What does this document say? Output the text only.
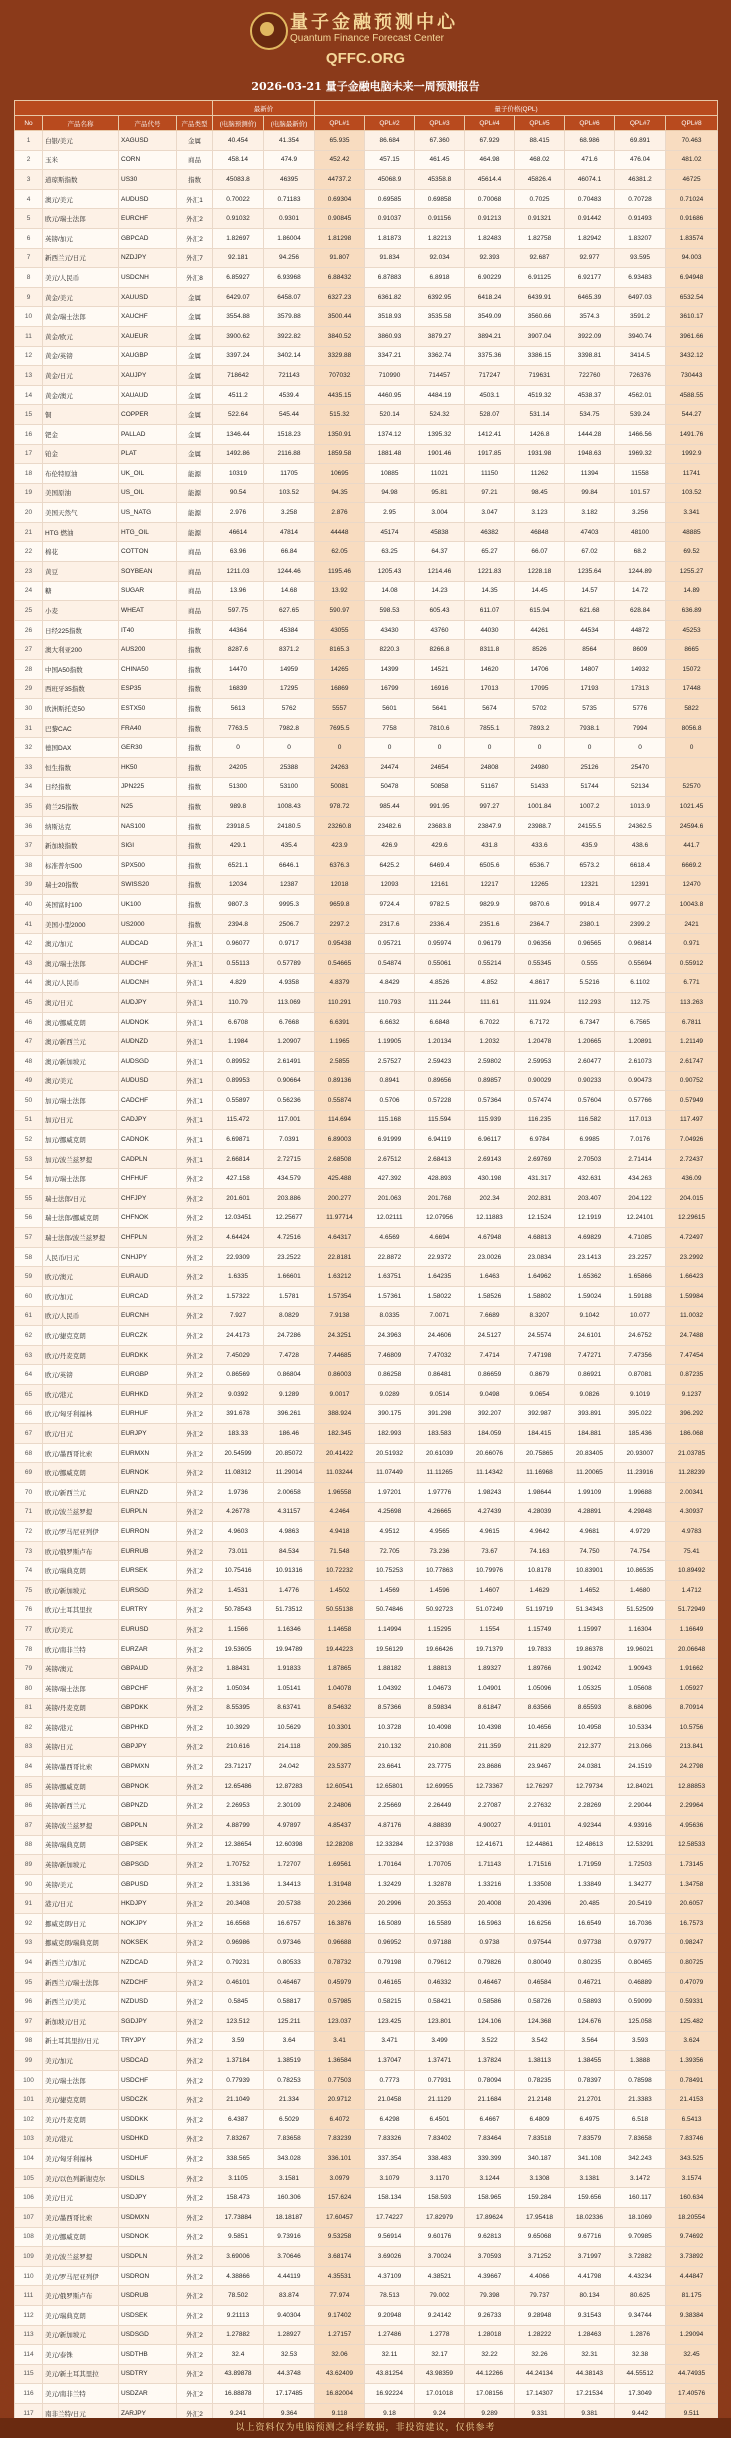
量子金融预测中心
Quantum Finance Forecast Center
QFFC.ORG
2026-03-21 量子金融电脑未来一周预测报告
				最新价		量子价格(QPL)							
No	产品名称	产品代号	产品类型	(电脑预测价)	(电脑最新价)	QPL#1	QPL#2	QPL#3	QPL#4	QPL#5	QPL#6	QPL#7	QPL#8
1	白银/美元	XAGUSD	金属	40.454	41.354	65.935	86.684	67.360	67.929	88.415	68.986	69.891	70.463
2	玉米	CORN	商品	458.14	474.9	452.42	457.15	461.45	464.98	468.02	471.6	476.04	481.02
3	道琼斯指数	US30	指数	45083.8	46395	44737.2	45068.9	45358.8	45614.4	45826.4	46074.1	46381.2	46725
4	澳元/美元	AUDUSD	外汇1	0.70022	0.71183	0.69304	0.69585	0.69858	0.70068	0.7025	0.70483	0.70728	0.71024
5	欧元/瑞士法郎	EURCHF	外汇2	0.91032	0.9301	0.90845	0.91037	0.91156	0.91213	0.91321	0.91442	0.91493	0.91686
6	英镑/加元	GBPCAD	外汇2	1.82697	1.86004	1.81298	1.81873	1.82213	1.82483	1.82758	1.82942	1.83207	1.83574
7	新西兰元/日元	NZDJPY	外汇7	92.181	94.256	91.807	91.834	92.034	92.393	92.687	92.977	93.595	94.003
8	美元/人民币	USDCNH	外汇8	6.85927	6.93968	6.88432	6.87883	6.8918	6.90229	6.91125	6.92177	6.93483	6.94948
9	黄金/美元	XAUUSD	金属	6429.07	6458.07	6327.23	6361.82	6392.95	6418.24	6439.91	6465.39	6497.03	6532.54
10	黄金/瑞士法郎	XAUCHF	金属	3554.88	3579.88	3500.44	3518.93	3535.58	3549.09	3560.66	3574.3	3591.2	3610.17
11	黄金/欧元	XAUEUR	金属	3900.62	3922.82	3840.52	3860.93	3879.27	3894.21	3907.04	3922.09	3940.74	3961.66
12	黄金/英镑	XAUGBP	金属	3397.24	3402.14	3329.88	3347.21	3362.74	3375.36	3386.15	3398.81	3414.5	3432.12
13	黄金/日元	XAUJPY	金属	718642	721143	707032	710990	714457	717247	719631	722760	726376	730443
14	黄金/澳元	XAUAUD	金属	4511.2	4539.4	4435.15	4460.95	4484.19	4503.1	4519.32	4538.37	4562.01	4588.55
15	铜	COPPER	金属	522.64	545.44	515.32	520.14	524.32	528.07	531.14	534.75	539.24	544.27
16	钯金	PALLAD	金属	1346.44	1518.23	1350.91	1374.12	1395.32	1412.41	1426.8	1444.28	1466.56	1491.76
17	铂金	PLAT	金属	1492.86	2116.88	1859.58	1881.48	1901.46	1917.85	1931.98	1948.63	1969.32	1992.9
18	布伦特原油	UK_OIL	能源	10319	11705	10695	10885	11021	11150	11262	11394	11558	11741
19	美国原油	US_OIL	能源	90.54	103.52	94.35	94.98	95.81	97.21	98.45	99.84	101.57	103.52
20	美国天然气	US_NATG	能源	2.976	3.258	2.876	2.95	3.004	3.047	3.123	3.182	3.256	3.341
21	HTG 燃油	HTG_OIL	能源	46614	47814	44448	45174	45838	46382	46848	47403	48100	48885
22	棉花	COTTON	商品	63.96	66.84	62.05	63.25	64.37	65.27	66.07	67.02	68.2	69.52
23	黄豆	SOYBEAN	商品	1211.03	1244.46	1195.46	1205.43	1214.46	1221.83	1228.18	1235.64	1244.89	1255.27
24	糖	SUGAR	商品	13.96	14.68	13.92	14.08	14.23	14.35	14.45	14.57	14.72	14.89
25	小麦	WHEAT	商品	597.75	627.65	590.97	598.53	605.43	611.07	615.94	621.68	628.84	636.89
26	日经225指数	IT40	指数	44364	45384	43055	43430	43760	44030	44261	44534	44872	45253
27	澳大利亚200	AUS200	指数	8287.6	8371.2	8165.3	8220.3	8266.8	8311.8	8526	8564	8609	8665
28	中国A50指数	CHINA50	指数	14470	14959	14265	14399	14521	14620	14706	14807	14932	15072
29	西班牙35指数	ESP35	指数	16839	17295	16869	16799	16916	17013	17095	17193	17313	17448
30	欧洲斯托克50	ESTX50	指数	5613	5762	5557	5601	5641	5674	5702	5735	5776	5822
31	巴黎CAC	FRA40	指数	7763.5	7982.8	7695.5	7758	7810.6	7855.1	7893.2	7938.1	7994	8056.8
32	德国DAX	GER30	指数	0	0	0	0	0	0	0	0	0	0
33	恒生指数	HK50	指数	24205	25388	24263	24474	24654	24808	24980	25126	25470	
34	日经指数	JPN225	指数	51300	53100	50081	50478	50858	51167	51433	51744	52134	52570
35	荷兰25指数	N25	指数	989.8	1008.43	978.72	985.44	991.95	997.27	1001.84	1007.2	1013.9	1021.45
36	纳斯达克	NAS100	指数	23918.5	24180.5	23260.8	23482.6	23683.8	23847.9	23988.7	24155.5	24362.5	24594.6
37	新加坡指数	SIGI	指数	429.1	435.4	423.9	426.9	429.6	431.8	433.6	435.9	438.6	441.7
38	标准普尔500	SPX500	指数	6521.1	6646.1	6376.3	6425.2	6469.4	6505.6	6536.7	6573.2	6618.4	6669.2
39	瑞士20指数	SWISS20	指数	12034	12387	12018	12093	12161	12217	12265	12321	12391	12470
40	英国富时100	UK100	指数	9807.3	9995.3	9659.8	9724.4	9782.5	9829.9	9870.6	9918.4	9977.2	10043.8
41	美国小型2000	US2000	指数	2394.8	2506.7	2297.2	2317.6	2336.4	2351.6	2364.7	2380.1	2399.2	2421
42	澳元/加元	AUDCAD	外汇1	0.96077	0.9717	0.95438	0.95721	0.95974	0.96179	0.96356	0.96565	0.96814	0.971
43	澳元/瑞士法郎	AUDCHF	外汇1	0.55113	0.57789	0.54665	0.54874	0.55061	0.55214	0.55345	0.555	0.55694	0.55912
44	澳元/人民币	AUDCNH	外汇1	4.829	4.9358	4.8379	4.8429	4.8526	4.852	4.8617	5.5216	6.1102	6.771
45	澳元/日元	AUDJPY	外汇1	110.79	113.069	110.291	110.793	111.244	111.61	111.924	112.293	112.75	113.263
46	澳元/挪威克朗	AUDNOK	外汇1	6.6708	6.7668	6.6391	6.6632	6.6848	6.7022	6.7172	6.7347	6.7565	6.7811
47	澳元/新西兰元	AUDNZD	外汇1	1.1984	1.20907	1.1965	1.19905	1.20134	1.2032	1.20478	1.20665	1.20891	1.21149
48	澳元/新加坡元	AUDSGD	外汇1	0.89952	2.61491	2.5855	2.57527	2.59423	2.59802	2.59953	2.60477	2.61073	2.61747
49	澳元/美元	AUDUSD	外汇1	0.89953	0.90664	0.89136	0.8941	0.89656	0.89857	0.90029	0.90233	0.90473	0.90752
50	加元/瑞士法郎	CADCHF	外汇1	0.55897	0.56236	0.55874	0.5706	0.57228	0.57364	0.57474	0.57604	0.57766	0.57949
51	加元/日元	CADJPY	外汇1	115.472	117.001	114.694	115.168	115.594	115.939	116.235	116.582	117.013	117.497
52	加元/挪威克朗	CADNOK	外汇1	6.69871	7.0391	6.89003	6.91999	6.94119	6.96117	6.9784	6.9985	7.0176	7.04926
53	加元/波兰兹罗提	CADPLN	外汇1	2.66814	2.72715	2.68508	2.67512	2.68413	2.69143	2.69769	2.70503	2.71414	2.72437
54	加元/瑞士法郎	CHFHUF	外汇2	427.158	434.579	425.488	427.392	428.893	430.198	431.317	432.631	434.263	436.09
55	瑞士法郎/日元	CHFJPY	外汇2	201.601	203.886	200.277	201.063	201.768	202.34	202.831	203.407	204.122	204.015
56	瑞士法郎/挪威克朗	CHFNOK	外汇2	12.03451	12.25677	11.97714	12.02111	12.07956	12.11883	12.1524	12.1919	12.24101	12.29615
57	瑞士法郎/波兰兹罗提	CHFPLN	外汇2	4.64424	4.72516	4.64317	4.6569	4.6694	4.67948	4.68813	4.69829	4.71085	4.72497
58	人民币/日元	CNHJPY	外汇2	22.9309	23.2522	22.8181	22.8872	22.9372	23.0026	23.0834	23.1413	23.2257	23.2992
59	欧元/澳元	EURAUD	外汇2	1.6335	1.66601	1.63212	1.63751	1.64235	1.6463	1.64962	1.65362	1.65866	1.66423
60	欧元/加元	EURCAD	外汇2	1.57322	1.5781	1.57354	1.57361	1.58022	1.58526	1.58802	1.59024	1.59188	1.59984
61	欧元/人民币	EURCNH	外汇2	7.927	8.0829	7.9138	8.0335	7.0071	7.6689	8.3207	9.1042	10.077	11.0032
62	欧元/捷克克朗	EURCZK	外汇2	24.4173	24.7286	24.3251	24.3963	24.4606	24.5127	24.5574	24.6101	24.6752	24.7488
63	欧元/丹麦克朗	EURDKK	外汇2	7.45029	7.4728	7.44685	7.46809	7.47032	7.4714	7.47198	7.47271	7.47356	7.47454
64	欧元/英镑	EURGBP	外汇2	0.86569	0.86804	0.86003	0.86258	0.86481	0.86659	0.8679	0.86921	0.87081	0.87235
65	欧元/港元	EURHKD	外汇2	9.0392	9.1289	9.0017	9.0289	9.0514	9.0498	9.0654	9.0826	9.1019	9.1237
66	欧元/匈牙利福林	EURHUF	外汇2	391.678	396.261	388.924	390.175	391.298	392.207	392.987	393.891	395.022	396.292
67	欧元/日元	EURJPY	外汇2	183.33	186.46	182.345	182.993	183.583	184.059	184.415	184.881	185.436	186.068
68	欧元/墨西哥比索	EURMXN	外汇2	20.54599	20.85072	20.41422	20.51932	20.61039	20.66076	20.75865	20.83405	20.93007	21.03785
69	欧元/挪威克朗	EURNOK	外汇2	11.08312	11.29014	11.03244	11.07449	11.11265	11.14342	11.16968	11.20065	11.23916	11.28239
70	欧元/新西兰元	EURNZD	外汇2	1.9736	2.00658	1.96558	1.97201	1.97776	1.98243	1.98644	1.99109	1.99688	2.00341
71	欧元/波兰兹罗提	EURPLN	外汇2	4.26778	4.31157	4.2464	4.25698	4.26665	4.27439	4.28039	4.28891	4.29848	4.30937
72	欧元/罗马尼亚列伊	EURRON	外汇2	4.9603	4.9863	4.9418	4.9512	4.9565	4.9615	4.9642	4.9681	4.9729	4.9783
73	欧元/俄罗斯卢布	EURRUB	外汇2	73.011	84.534	71.548	72.705	73.236	73.67	74.163	74.750	74.754	75.41
74	欧元/瑞典克朗	EURSEK	外汇2	10.75416	10.91316	10.72232	10.75253	10.77863	10.79976	10.8178	10.83901	10.86535	10.89492
75	欧元/新加坡元	EURSGD	外汇2	1.4531	1.4776	1.4502	1.4569	1.4596	1.4607	1.4629	1.4652	1.4680	1.4712
76	欧元/土耳其里拉	EURTRY	外汇2	50.78543	51.73512	50.55138	50.74846	50.92723	51.07249	51.19719	51.34343	51.52509	51.72949
77	欧元/美元	EURUSD	外汇2	1.1566	1.16346	1.14658	1.14994	1.15295	1.1554	1.15749	1.15997	1.16304	1.16649
78	欧元/南非兰特	EURZAR	外汇2	19.53605	19.94789	19.44223	19.56129	19.66426	19.71379	19.7833	19.86378	19.96021	20.06648
79	英镑/澳元	GBPAUD	外汇2	1.88431	1.91833	1.87865	1.88182	1.88813	1.89327	1.89766	1.90242	1.90943	1.91662
80	英镑/瑞士法郎	GBPCHF	外汇2	1.05034	1.05141	1.04078	1.04392	1.04673	1.04901	1.05096	1.05325	1.05608	1.05927
81	英镑/丹麦克朗	GBPDKK	外汇2	8.55395	8.63741	8.54632	8.57366	8.59834	8.61847	8.63566	8.65593	8.68096	8.70914
82	英镑/港元	GBPHKD	外汇2	10.3929	10.5629	10.3301	10.3728	10.4098	10.4398	10.4656	10.4958	10.5334	10.5756
83	英镑/日元	GBPJPY	外汇2	210.616	214.118	209.385	210.132	210.808	211.359	211.829	212.377	213.066	213.841
84	英镑/墨西哥比索	GBPMXN	外汇2	23.71217	24.042	23.5377	23.6641	23.7775	23.8686	23.9467	24.0381	24.1519	24.2798
85	英镑/挪威克朗	GBPNOK	外汇2	12.65486	12.87283	12.60541	12.65801	12.69955	12.73367	12.76297	12.79734	12.84021	12.88853
86	英镑/新西兰元	GBPNZD	外汇2	2.26953	2.30109	2.24806	2.25669	2.26449	2.27087	2.27632	2.28269	2.29044	2.29964
87	英镑/波兰兹罗提	GBPPLN	外汇2	4.88799	4.97897	4.85437	4.87176	4.88839	4.90027	4.91101	4.92344	4.93916	4.95636
88	英镑/瑞典克朗	GBPSEK	外汇2	12.38654	12.60398	12.28208	12.33284	12.37938	12.41671	12.44861	12.48613	12.53291	12.58533
89	英镑/新加坡元	GBPSGD	外汇2	1.70752	1.72707	1.69561	1.70164	1.70705	1.71143	1.71516	1.71959	1.72503	1.73145
90	英镑/美元	GBPUSD	外汇2	1.33136	1.34413	1.31948	1.32429	1.32878	1.33216	1.33508	1.33849	1.34277	1.34758
91	港元/日元	HKDJPY	外汇2	20.3408	20.5738	20.2366	20.2996	20.3553	20.4008	20.4396	20.485	20.5419	20.6057
92	挪威克朗/日元	NOKJPY	外汇2	16.6568	16.6757	16.3876	16.5089	16.5589	16.5963	16.6256	16.6549	16.7036	16.7573
93	挪威克朗/瑞典克朗	NOKSEK	外汇2	0.96986	0.97346	0.96688	0.96952	0.97188	0.9738	0.97544	0.97738	0.97977	0.98247
94	新西兰元/加元	NZDCAD	外汇2	0.79231	0.80533	0.78732	0.79198	0.79612	0.79826	0.80049	0.80235	0.80465	0.80725
95	新西兰元/瑞士法郎	NZDCHF	外汇2	0.46101	0.46467	0.45979	0.46165	0.46332	0.46467	0.46584	0.46721	0.46889	0.47079
96	新西兰元/美元	NZDUSD	外汇2	0.5845	0.58817	0.57985	0.58215	0.58421	0.58586	0.58726	0.58893	0.59099	0.59331
97	新加坡元/日元	SGDJPY	外汇2	123.512	125.211	123.037	123.425	123.801	124.106	124.368	124.676	125.058	125.482
98	新土耳其里拉/日元	TRYJPY	外汇2	3.59	3.64	3.41	3.471	3.499	3.522	3.542	3.564	3.593	3.624
99	美元/加元	USDCAD	外汇2	1.37184	1.38519	1.36584	1.37047	1.37471	1.37824	1.38113	1.38455	1.3888	1.39356
100	美元/瑞士法郎	USDCHF	外汇2	0.77939	0.78253	0.77503	0.7773	0.77931	0.78094	0.78235	0.78397	0.78598	0.78491
101	美元/捷克克朗	USDCZK	外汇2	21.1049	21.334	20.9712	21.0458	21.1129	21.1684	21.2148	21.2701	21.3383	21.4153
102	美元/丹麦克朗	USDDKK	外汇2	6.4387	6.5029	6.4072	6.4298	6.4501	6.4667	6.4809	6.4975	6.518	6.5413
103	美元/港元	USDHKD	外汇2	7.83267	7.83658	7.83239	7.83326	7.83402	7.83464	7.83518	7.83579	7.83658	7.83746
104	美元/匈牙利福林	USDHUF	外汇2	338.565	343.028	336.101	337.354	338.483	339.399	340.187	341.108	342.243	343.525
105	美元/以色列新谢克尔	USDILS	外汇2	3.1105	3.1581	3.0979	3.1079	3.1170	3.1244	3.1308	3.1381	3.1472	3.1574
106	美元/日元	USDJPY	外汇2	158.473	160.306	157.624	158.134	158.593	158.965	159.284	159.656	160.117	160.634
107	美元/墨西哥比索	USDMXN	外汇2	17.73884	18.18187	17.60457	17.74227	17.82979	17.89624	17.95418	18.02336	18.1069	18.20554
108	美元/挪威克朗	USDNOK	外汇2	9.5851	9.73916	9.53258	9.56914	9.60176	9.62813	9.65068	9.67716	9.70985	9.74692
109	美元/波兰兹罗提	USDPLN	外汇2	3.69006	3.70646	3.68174	3.69026	3.70024	3.70593	3.71252	3.71997	3.72882	3.73892
110	美元/罗马尼亚列伊	USDRON	外汇2	4.38866	4.44119	4.35531	4.37109	4.38521	4.39667	4.4066	4.41798	4.43234	4.44847
111	美元/俄罗斯卢布	USDRUB	外汇2	78.502	83.874	77.974	78.513	79.002	79.398	79.737	80.134	80.625	81.175
112	美元/瑞典克朗	USDSEK	外汇2	9.21113	9.40304	9.17402	9.20948	9.24142	9.26733	9.28948	9.31543	9.34744	9.38384
113	美元/新加坡元	USDSGD	外汇2	1.27882	1.28927	1.27157	1.27486	1.2778	1.28018	1.28222	1.28463	1.2876	1.29094
114	美元/泰铢	USDTHB	外汇2	32.4	32.53	32.06	32.11	32.17	32.22	32.26	32.31	32.38	32.45
115	美元/新土耳其里拉	USDTRY	外汇2	43.89878	44.3748	43.62409	43.81254	43.98359	44.12266	44.24134	44.38143	44.55512	44.74935
116	美元/南非兰特	USDZAR	外汇2	16.88878	17.17485	16.82004	16.92224	17.01018	17.08156	17.14307	17.21534	17.3049	17.40576
117	南非兰特/日元	ZARJPY	外汇2	9.241	9.364	9.118	9.18	9.24	9.289	9.331	9.381	9.442	9.511
以上资料仅为电脑预测之科学数据，非投资建议，仅供参考
